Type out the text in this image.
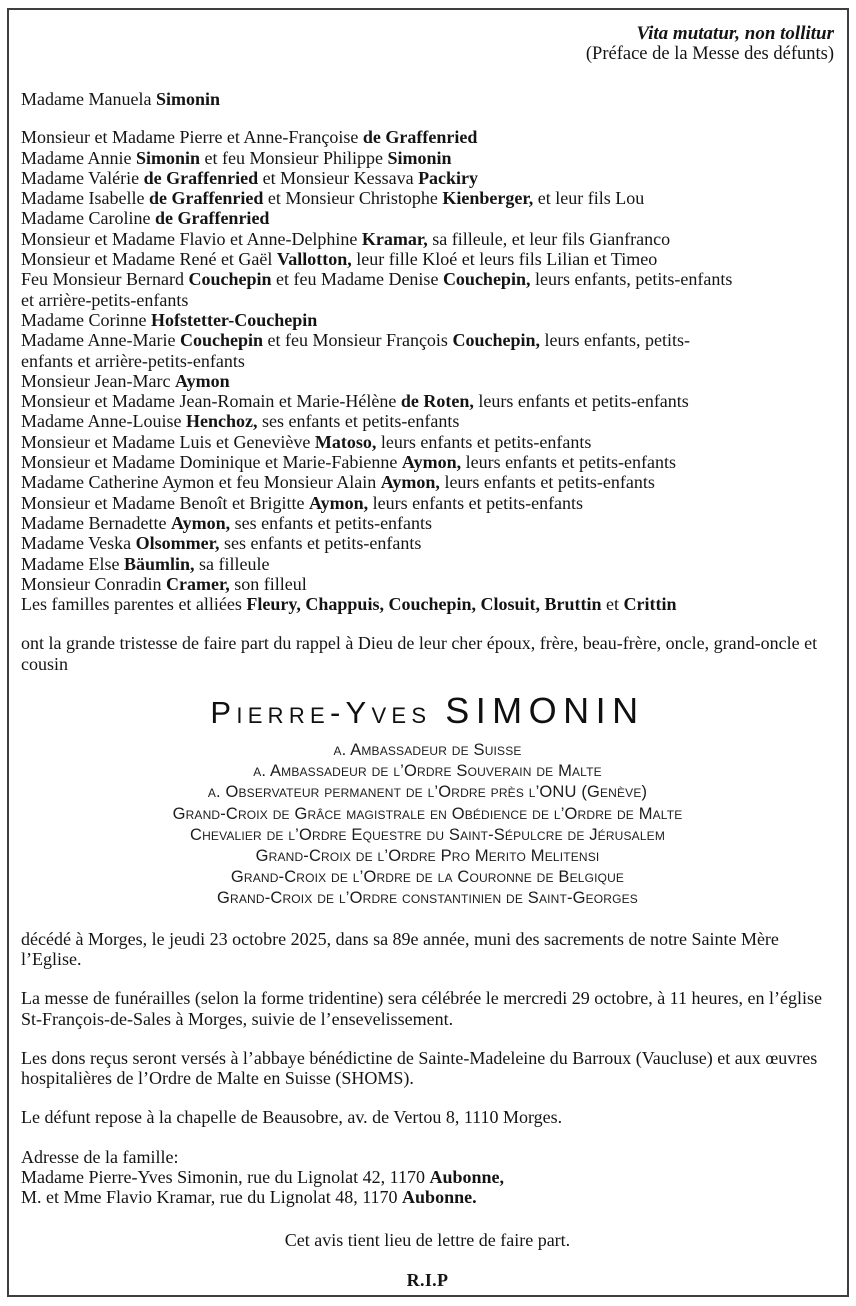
Vita mutatur, non tollitur
(Préface de la Messe des défunts)
Madame Manuela Simonin
Monsieur et Madame Pierre et Anne-Françoise de Graffenried
Madame Annie Simonin et feu Monsieur Philippe Simonin
Madame Valérie de Graffenried et Monsieur Kessava Packiry
Madame Isabelle de Graffenried et Monsieur Christophe Kienberger, et leur fils Lou
Madame Caroline de Graffenried
Monsieur et Madame Flavio et Anne-Delphine Kramar, sa filleule, et leur fils Gianfranco
Monsieur et Madame René et Gaël Vallotton, leur fille Kloé et leurs fils Lilian et Timeo
Feu Monsieur Bernard Couchepin et feu Madame Denise Couchepin, leurs enfants, petits-enfants et arrière-petits-enfants
Madame Corinne Hofstetter-Couchepin
Madame Anne-Marie Couchepin et feu Monsieur François Couchepin, leurs enfants, petits-enfants et arrière-petits-enfants
Monsieur Jean-Marc Aymon
Monsieur et Madame Jean-Romain et Marie-Hélène de Roten, leurs enfants et petits-enfants
Madame Anne-Louise Henchoz, ses enfants et petits-enfants
Monsieur et Madame Luis et Geneviève Matoso, leurs enfants et petits-enfants
Monsieur et Madame Dominique et Marie-Fabienne Aymon, leurs enfants et petits-enfants
Madame Catherine Aymon et feu Monsieur Alain Aymon, leurs enfants et petits-enfants
Monsieur et Madame Benoît et Brigitte Aymon, leurs enfants et petits-enfants
Madame Bernadette Aymon, ses enfants et petits-enfants
Madame Veska Olsommer, ses enfants et petits-enfants
Madame Else Bäumlin, sa filleule
Monsieur Conradin Cramer, son filleul
Les familles parentes et alliées Fleury, Chappuis, Couchepin, Closuit, Bruttin et Crittin

ont la grande tristesse de faire part du rappel à Dieu de leur cher époux, frère, beau-frère, oncle, grand-oncle et cousin

Pierre-Yves SIMONIN
a. Ambassadeur de Suisse
a. Ambassadeur de l’Ordre Souverain de Malte
a. Observateur permanent de l’Ordre près l’ONU (Genève)
Grand-Croix de Grâce magistrale en Obédience de l’Ordre de Malte
Chevalier de l’Ordre Equestre du Saint-Sépulcre de Jérusalem
Grand-Croix de l’Ordre Pro Merito Melitensi
Grand-Croix de l’Ordre de la Couronne de Belgique
Grand-Croix de l’Ordre constantinien de Saint-Georges

décédé à Morges, le jeudi 23 octobre 2025, dans sa 89e année, muni des sacrements de notre Sainte Mère l’Eglise.

La messe de funérailles (selon la forme tridentine) sera célébrée le mercredi 29 octobre, à 11 heures, en l’église St-François-de-Sales à Morges, suivie de l’ensevelissement.

Les dons reçus seront versés à l’abbaye bénédictine de Sainte-Madeleine du Barroux (Vaucluse) et aux œuvres hospitalières de l’Ordre de Malte en Suisse (SHOMS).

Le défunt repose à la chapelle de Beausobre, av. de Vertou 8, 1110 Morges.

Adresse de la famille:
Madame Pierre-Yves Simonin, rue du Lignolat 42, 1170 Aubonne,
M. et Mme Flavio Kramar, rue du Lignolat 48, 1170 Aubonne.
Cet avis tient lieu de lettre de faire part.
R.I.P
